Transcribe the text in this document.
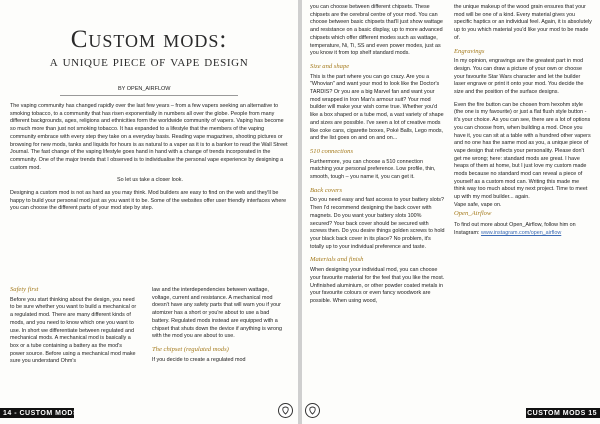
Custom mods:
a unique piece of vape design
BY OPEN_AIRFLOW

The vaping community has changed rapidly over the last few years – from a few vapers seeking an alternative to smoking tobacco, to a community that has risen exponentially in numbers all over the globe. People from many different backgrounds, ages, religions and ethnicities form the worldwide community of vapers. Vaping has become so much more than just not smoking tobacco. It has expanded to a lifestyle that the members of the vaping community embrace with every step they take on a everyday basis. Reading vape magazines, shooting pictures or browsing for new mods, tanks and liquids for hours is as natural to a vaper as it is to a banker to read the Wall Street Journal. The fast change of the vaping lifestyle goes hand in hand with a change of trends incorporated in the community. One of the major trends that I observed is to individualise the personal vape experience by designing a custom mod.

So let us take a closer look.

Designing a custom mod is not as hard as you may think. Mod builders are easy to find on the web and they'll be happy to build your personal mod just as you want it to be. Some of the websites offer user friendly interfaces where you can choose the different parts of your mod step by step.

Safety first

Before you start thinking about the design, you need to be sure whether you want to build a mechanical or a regulated mod. There are many different kinds of mods, and you need to know which one you want to use. In short we differentiate between regulated and mechanical mods. A mechanical mod is basically a box or a tube containing a battery as the mod's power source. Before using a mechanical mod make sure you understand Ohm's

law and the interdependencies between wattage, voltage, current and resistance. A mechanical mod doesn't have any safety parts that will warn you if your atomizer has a short or you're about to use a bad battery. Regulated mods instead are equipped with a chipset that shuts down the device if anything is wrong with the mod you are about to use.

The chipset (regulated mods)

If you decide to create a regulated mod

14 - CUSTOM MODS

you can choose between different chipsets. These chipsets are the cerebral centre of your mod. You can choose between basic chipsets that'll just show wattage and resistance on a basic display, up to more advanced chipsets which offer different modes such as wattage, temperature, Ni, Ti, SS and even power modes, just as you know it from top shelf standard mods.

Size and shape

This is the part where you can go crazy. Are you a "Whovian" and want your mod to look like the Doctor's TARDIS? Or you are a big Marvel fan and want your mod wrapped in Iron Man's armour suit? Your mod builder will make your wish come true. Whether you'd like a box shaped or a tube mod, a vast variety of shape and sizes are possible. I've seen a lot of creative mods like coke cans, cigarette boxes, Poké Balls, Lego mods, and the list goes on and on and on...

510 connections

Furthermore, you can choose a 510 connection matching your personal preference. Low profile, thin, smooth, tough – you name it, you can get it.

Back covers

Do you need easy and fast access to your battery slots? Then I'd recommend designing the back cover with magnets. Do you want your battery slots 100% secured? Your back cover should be secured with screws then. Do you desire things golden screws to hold your black back cover in its place? No problem, it's totally up to your individual preference and taste.

Materials and finish

When designing your individual mod, you can choose your favourite material for the feel that you like the most. Unfinished aluminium, or other powder coated metals in your favourite colours or even fancy woodwork are possible. When using wood,

the unique makeup of the wood grain ensures that your mod will be one of a kind. Every material gives you specific haptics or an individual feel. Again, it is absolutely up to you which material you'd like your mod to be made of.

Engravings

In my opinion, engravings are the greatest part in mod design. You can draw a picture of your own or choose your favourite Star Wars character and let the builder laser engrave or print it onto your mod. You decide the size and the position of the surface designs.

Even the fire button can be chosen from hexohm style (the one is my favourite) or just a flat flush style button - it's your choice. As you can see, there are a lot of options you can choose from, when building a mod. Once you have it, you can sit at a table with a hundred other vapers and no one has the same mod as you, a unique piece of vape design that reflects your personality. Please don't get me wrong; here: standard mods are great. I have heaps of them at home, but I just love my custom made mods because no standard mod can reveal a piece of yourself as a custom mod can. Writing this made me think way too much about my next project. Time to meet up with my mod builder... again.

Vape safe, vape on.
Open_Airflow

To find out more about Open_Airflow, follow him on Instagram: www.instagram.com/open_airflow

CUSTOM MODS 15
